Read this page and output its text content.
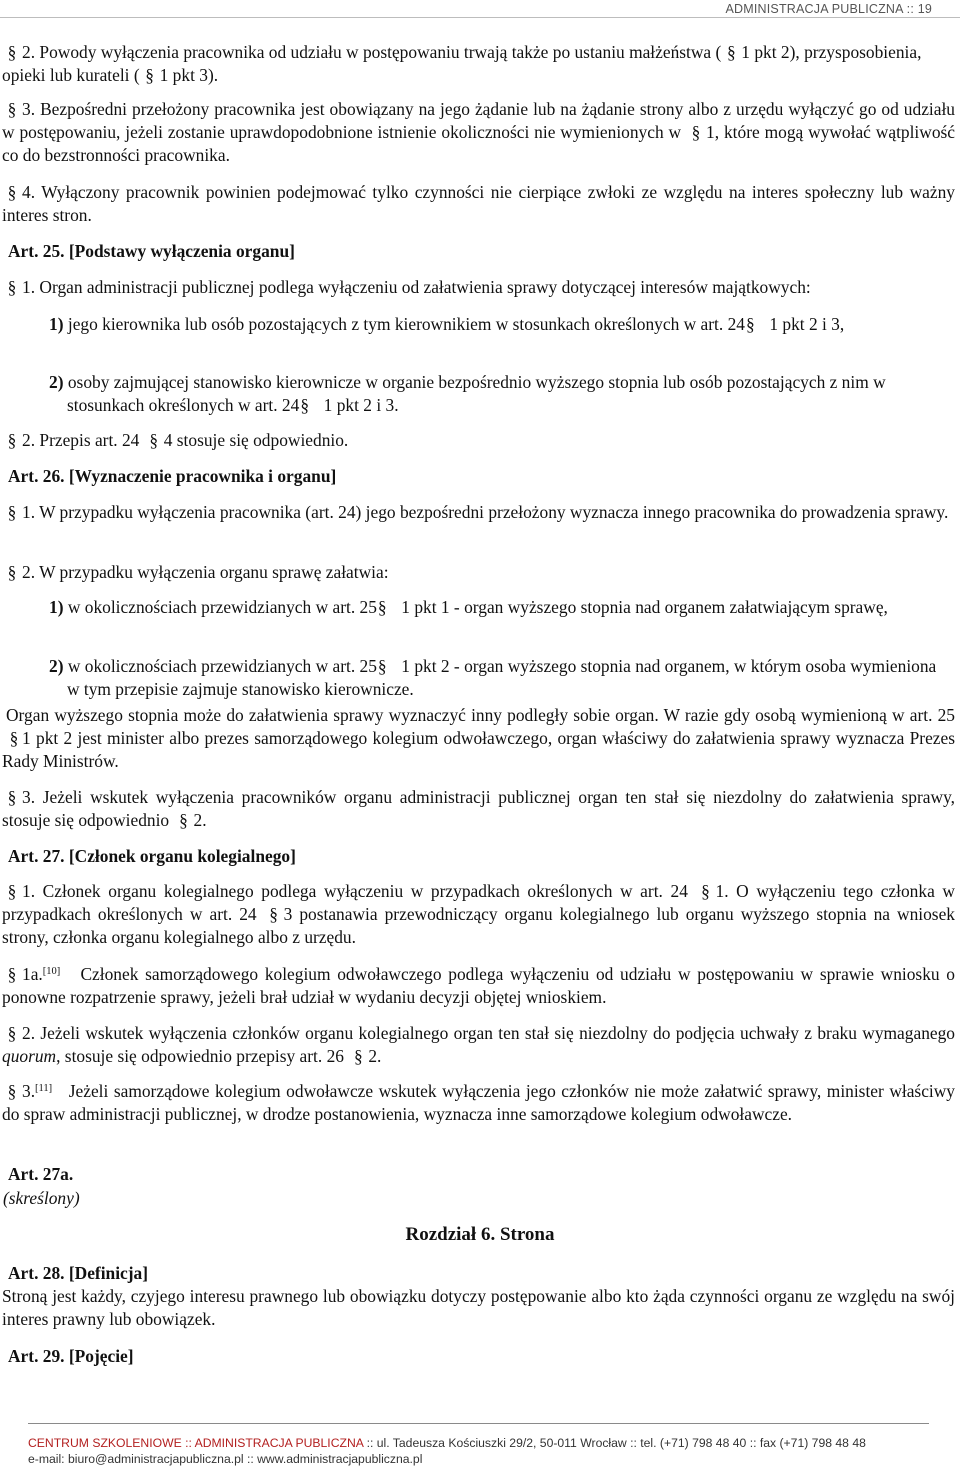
ADMINISTRACJA PUBLICZNA :: 19

§ 2. Powody wyłączenia pracownika od udziału w postępowaniu trwają także po ustaniu małżeństwa ( § 1 pkt 2), przysposobienia, opieki lub kurateli ( § 1 pkt 3).

§ 3. Bezpośredni przełożony pracownika jest obowiązany na jego żądanie lub na żądanie strony albo z urzędu wyłączyć go od udziału w postępowaniu, jeżeli zostanie uprawdopodobnione istnienie okoliczności nie wymienionych w § 1, które mogą wywołać wątpliwość co do bezstronności pracownika.

§ 4. Wyłączony pracownik powinien podejmować tylko czynności nie cierpiące zwłoki ze względu na interes społeczny lub ważny interes stron.

Art. 25. [Podstawy wyłączenia organu]

§ 1. Organ administracji publicznej podlega wyłączeniu od załatwienia sprawy dotyczącej interesów majątkowych:

1) jego kierownika lub osób pozostających z tym kierownikiem w stosunkach określonych w art. 24 § 1 pkt 2 i 3,

2) osoby zajmującej stanowisko kierownicze w organie bezpośrednio wyższego stopnia lub osób pozostających z nim w stosunkach określonych w art. 24 § 1 pkt 2 i 3.

§ 2. Przepis art. 24 § 4 stosuje się odpowiednio.

Art. 26. [Wyznaczenie pracownika i organu]

§ 1. W przypadku wyłączenia pracownika (art. 24) jego bezpośredni przełożony wyznacza innego pracownika do prowadzenia sprawy.

§ 2. W przypadku wyłączenia organu sprawę załatwia:

1) w okolicznościach przewidzianych w art. 25 § 1 pkt 1 - organ wyższego stopnia nad organem załatwiającym sprawę,

2) w okolicznościach przewidzianych w art. 25 § 1 pkt 2 - organ wyższego stopnia nad organem, w którym osoba wymieniona w tym przepisie zajmuje stanowisko kierownicze.

Organ wyższego stopnia może do załatwienia sprawy wyznaczyć inny podległy sobie organ. W razie gdy osobą wymienioną w art. 25 § 1 pkt 2 jest minister albo prezes samorządowego kolegium odwoławczego, organ właściwy do załatwienia sprawy wyznacza Prezes Rady Ministrów.

§ 3. Jeżeli wskutek wyłączenia pracowników organu administracji publicznej organ ten stał się niezdolny do załatwienia sprawy, stosuje się odpowiednio § 2.

Art. 27. [Członek organu kolegialnego]

§ 1. Członek organu kolegialnego podlega wyłączeniu w przypadkach określonych w art. 24 § 1. O wyłączeniu tego członka w przypadkach określonych w art. 24 § 3 postanawia przewodniczący organu kolegialnego lub organu wyższego stopnia na wniosek strony, członka organu kolegialnego albo z urzędu.

§ 1a.[10] Członek samorządowego kolegium odwoławczego podlega wyłączeniu od udziału w postępowaniu w sprawie wniosku o ponowne rozpatrzenie sprawy, jeżeli brał udział w wydaniu decyzji objętej wnioskiem.

§ 2. Jeżeli wskutek wyłączenia członków organu kolegialnego organ ten stał się niezdolny do podjęcia uchwały z braku wymaganego quorum, stosuje się odpowiednio przepisy art. 26 § 2.

§ 3.[11] Jeżeli samorządowe kolegium odwoławcze wskutek wyłączenia jego członków nie może załatwić sprawy, minister właściwy do spraw administracji publicznej, w drodze postanowienia, wyznacza inne samorządowe kolegium odwoławcze.

Art. 27a.

(skreślony)

Rozdział 6. Strona

Art. 28. [Definicja]

Stroną jest każdy, czyjego interesu prawnego lub obowiązku dotyczy postępowanie albo kto żąda czynności organu ze względu na swój interes prawny lub obowiązek.

Art. 29. [Pojęcie]

CENTRUM SZKOLENIOWE :: ADMINISTRACJA PUBLICZNA :: ul. Tadeusza Kościuszki 29/2, 50-011 Wrocław :: tel. (+71) 798 48 40 :: fax (+71) 798 48 48
e-mail: biuro@administracjapubliczna.pl :: www.administracjapubliczna.pl
